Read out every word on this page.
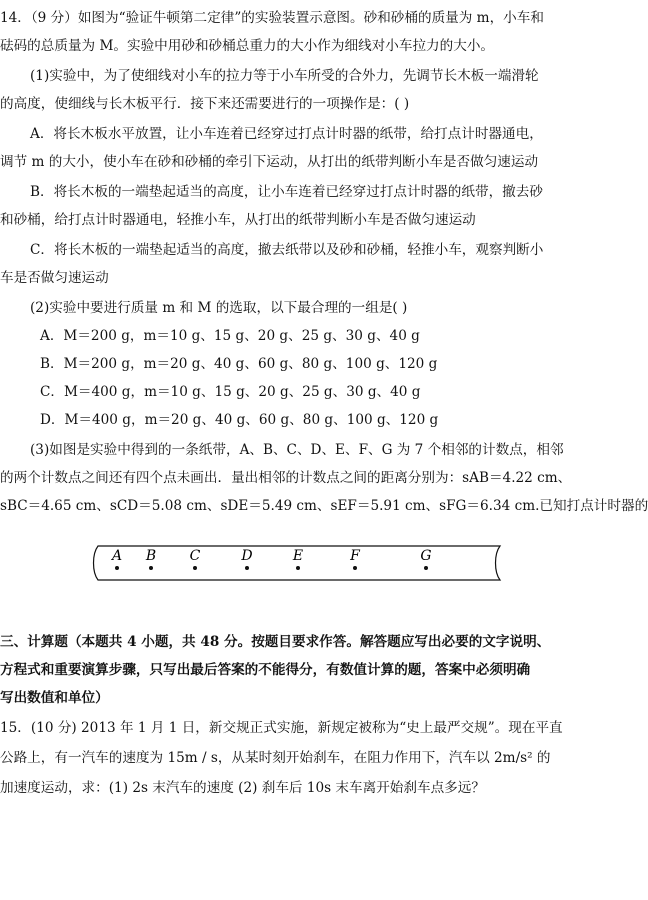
14．（9 分）如图为“验证牛顿第二定律”的实验装置示意图。砂和砂桶的质量为 m，小车和
砝码的总质量为 M。实验中用砂和砂桶总重力的大小作为细线对小车拉力的大小。
(1)实验中，为了使细线对小车的拉力等于小车所受的合外力，先调节长木板一端滑轮
的高度，使细线与长木板平行．接下来还需要进行的一项操作是：( )
A．将长木板水平放置，让小车连着已经穿过打点计时器的纸带，给打点计时器通电，
调节 m 的大小，使小车在砂和砂桶的牵引下运动，从打出的纸带判断小车是否做匀速运动
B．将长木板的一端垫起适当的高度，让小车连着已经穿过打点计时器的纸带，撤去砂
和砂桶，给打点计时器通电，轻推小车，从打出的纸带判断小车是否做匀速运动
C．将长木板的一端垫起适当的高度，撤去纸带以及砂和砂桶，轻推小车，观察判断小
车是否做匀速运动
(2)实验中要进行质量 m 和 M 的选取，以下最合理的一组是( )
A．M＝200 g，m＝10 g、15 g、20 g、25 g、30 g、40 g
B．M＝200 g，m＝20 g、40 g、60 g、80 g、100 g、120 g
C．M＝400 g，m＝10 g、15 g、20 g、25 g、30 g、40 g
D．M＝400 g，m＝20 g、40 g、60 g、80 g、100 g、120 g
(3)如图是实验中得到的一条纸带，A、B、C、D、E、F、G 为 7 个相邻的计数点，相邻
的两个计数点之间还有四个点未画出．量出相邻的计数点之间的距离分别为：sAB＝4.22 cm、
sBC＝4.65 cm、sCD＝5.08 cm、sDE＝5.49 cm、sEF＝5.91 cm、sFG＝6.34 cm.已知打点计时器的
A B C	D	E	F	G
三、计算题（本题共 4 小题，共 48 分。按题目要求作答。解答题应写出必要的文字说明、
方程式和重要演算步骤，只写出最后答案的不能得分，有数值计算的题，答案中必须明确
写出数值和单位）
15．(10 分) 2013 年 1 月 1 日，新交规正式实施，新规定被称为“史上最严交规”。现在平直
公路上，有一汽车的速度为 15m / s，从某时刻开始刹车，在阻力作用下，汽车以 2m/s² 的
加速度运动，求：(1) 2s 末汽车的速度 (2) 刹车后 10s 末车离开始刹车点多远？
